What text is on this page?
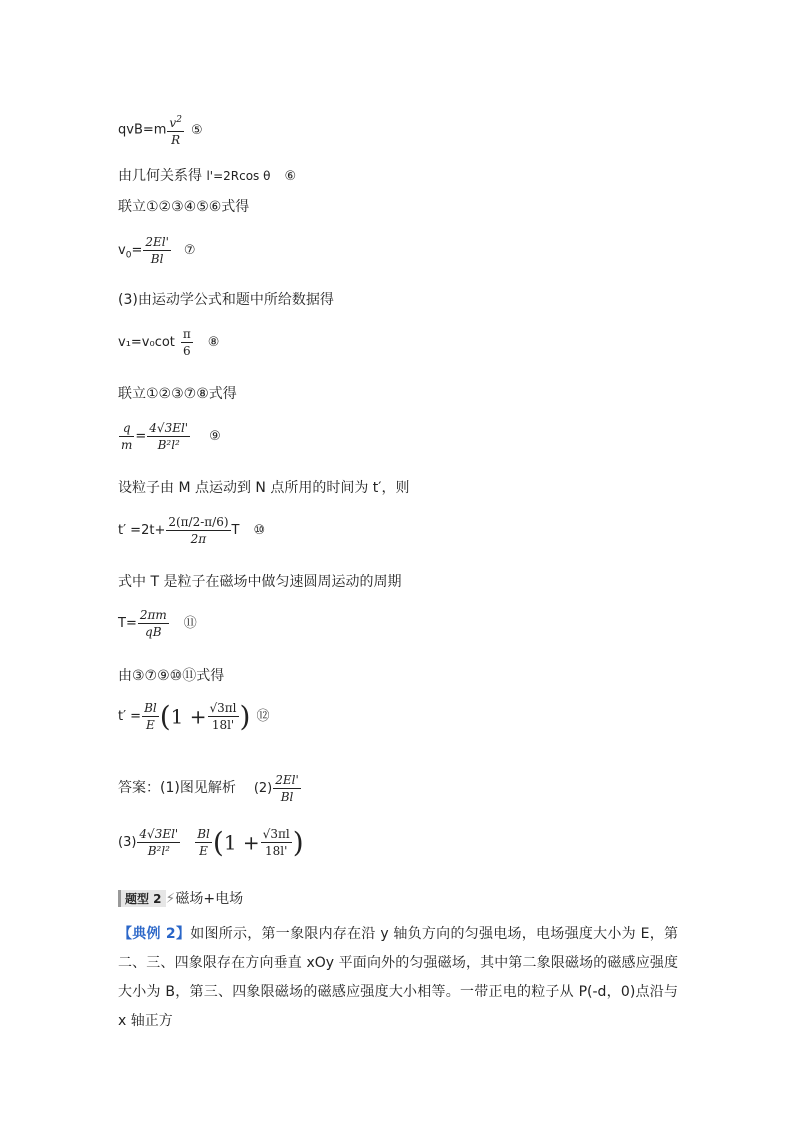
$qvB=m \frac{v^2}{R}$ ⑤
由几何关系得 l'=2Rcos θ ⑥
联立①②③④⑤⑥式得
$v_0= \frac{2El'}{Bl}$ ⑦
(3)由运动学公式和题中所给数据得
$v_1=v_0\cot \frac{\pi}{6}$ ⑧
联立①②③⑦⑧式得
$\frac{q}{m} = \frac{4√3El'}{\text{B²l²}}$ ⑨
设粒子由 M 点运动到 N 点所用的时间为 t′，则
$t' =2t+ \frac{2(\pi/2-\pi/6)}{2\pi}$ T ⑩
式中 T 是粒子在磁场中做匀速圆周运动的周期
$T= \frac{2\pi m}{qB}$ ⑪
由③⑦⑨⑩⑪式得
$t' = \frac{Bl}{E} (1 + \frac{√3\pi l}{18l'}$ ) ⑫
答案：(1)图见解析 $(2) \frac{2El'}{Bl}$
$(3) \frac{4√3El'}{\text{B²l²}} \frac{Bl}{E} (1 + \frac{√3\pi l}{18l'}$ )
题型 2 ⚡磁场+电场
【典例 2】如图所示，第一象限内存在沿 y 轴负方向的匀强电场，电场强度大小为 E，第二、三、四象限存在方向垂直 xOy 平面向外的匀强磁场，其中第二象限磁场的磁感应强度大小为 B，第三、四象限磁场的磁感应强度大小相等。一带正电的粒子从 P(-d，0)点沿与 x 轴正方
